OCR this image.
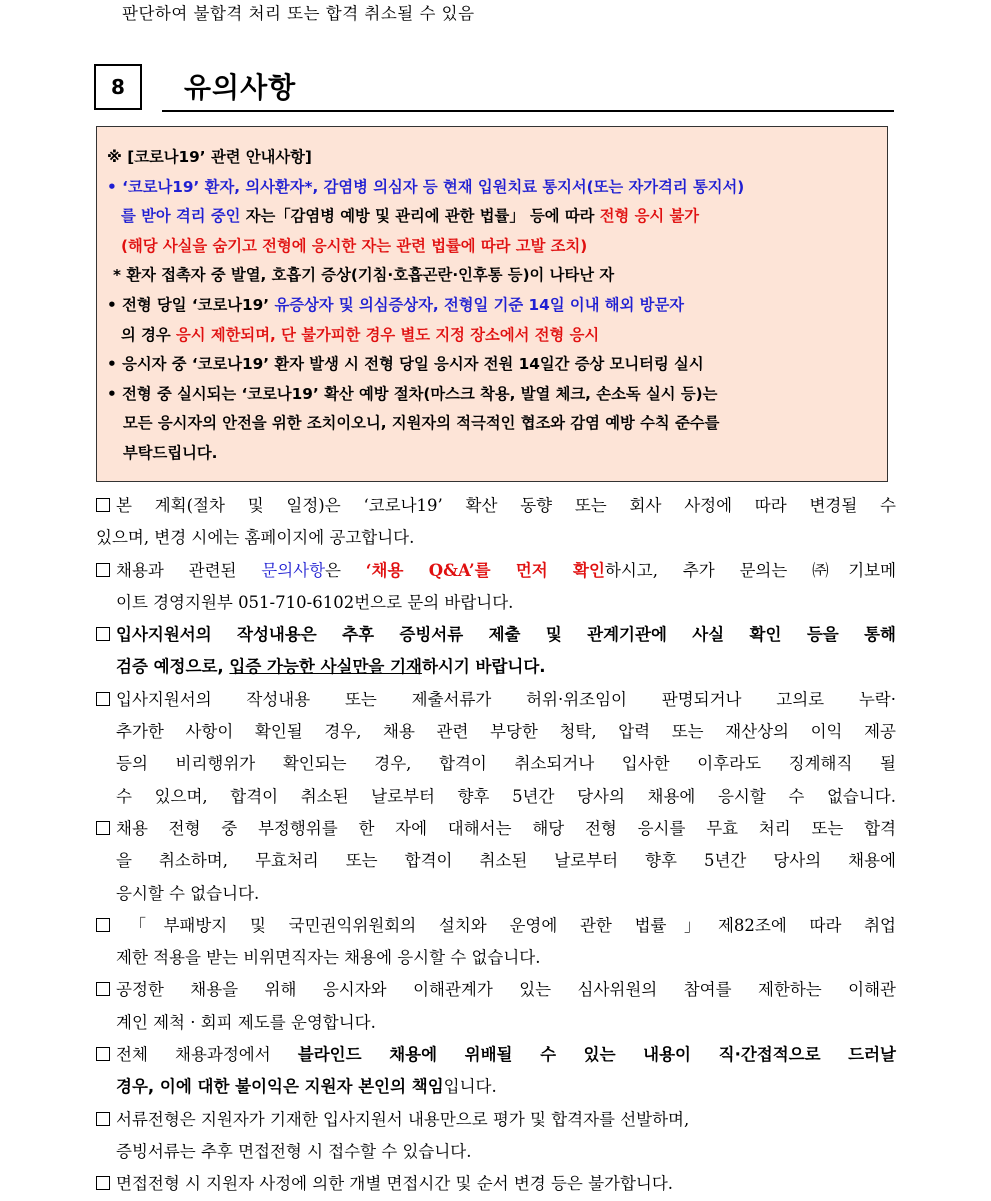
판단하여 불합격 처리 또는 합격 취소될 수 있음
8	유의사항
※ [코로나19’ 관련 안내사항]
• ‘코로나19’ 환자, 의사환자*, 감염병 의심자 등 현재 입원치료 통지서(또는 자가격리 통지서)
를 받아 격리 중인 자는「감염병 예방 및 관리에 관한 법률」 등에 따라 전형 응시 불가
(해당 사실을 숨기고 전형에 응시한 자는 관련 법률에 따라 고발 조치)
* 환자 접촉자 중 발열, 호흡기 증상(기침·호흡곤란·인후통 등)이 나타난 자
• 전형 당일 ‘코로나19’ 유증상자 및 의심증상자, 전형일 기준 14일 이내 해외 방문자
의 경우 응시 제한되며, 단 불가피한 경우 별도 지정 장소에서 전형 응시
• 응시자 중 ‘코로나19’ 환자 발생 시 전형 당일 응시자 전원 14일간 증상 모니터링 실시
• 전형 중 실시되는 ‘코로나19’ 확산 예방 절차(마스크 착용, 발열 체크, 손소독 실시 등)는
모든 응시자의 안전을 위한 조치이오니, 지원자의 적극적인 협조와 감염 예방 수칙 준수를
부탁드립니다.
본 계획(절차 및 일정)은 ‘코로나19’ 확산 동향 또는 회사 사정에 따라 변경될 수
있으며, 변경 시에는 홈페이지에 공고합니다.
채용과 관련된 문의사항은 ‘채용 Q&A’를 먼저 확인하시고, 추가 문의는 ㈜기보메
이트 경영지원부 051-710-6102번으로 문의 바랍니다.
입사지원서의 작성내용은 추후 증빙서류 제출 및 관계기관에 사실 확인 등을 통해
검증 예정으로, 입증 가능한 사실만을 기재하시기 바랍니다.
입사지원서의 작성내용 또는 제출서류가 허위·위조임이 판명되거나 고의로 누락·
추가한 사항이 확인될 경우, 채용 관련 부당한 청탁, 압력 또는 재산상의 이익 제공
등의 비리행위가 확인되는 경우, 합격이 취소되거나 입사한 이후라도 징계해직 될
수 있으며, 합격이 취소된 날로부터 향후 5년간 당사의 채용에 응시할 수 없습니다.
채용 전형 중 부정행위를 한 자에 대해서는 해당 전형 응시를 무효 처리 또는 합격
을 취소하며, 무효처리 또는 합격이 취소된 날로부터 향후 5년간 당사의 채용에
응시할 수 없습니다.
「부패방지 및 국민권익위원회의 설치와 운영에 관한 법률」제82조에 따라 취업
제한 적용을 받는 비위면직자는 채용에 응시할 수 없습니다.
공정한 채용을 위해 응시자와 이해관계가 있는 심사위원의 참여를 제한하는 이해관
계인 제척 · 회피 제도를 운영합니다.
전체 채용과정에서 블라인드 채용에 위배될 수 있는 내용이 직·간접적으로 드러날
경우, 이에 대한 불이익은 지원자 본인의 책임입니다.
서류전형은 지원자가 기재한 입사지원서 내용만으로 평가 및 합격자를 선발하며,
증빙서류는 추후 면접전형 시 접수할 수 있습니다.
면접전형 시 지원자 사정에 의한 개별 면접시간 및 순서 변경 등은 불가합니다.
